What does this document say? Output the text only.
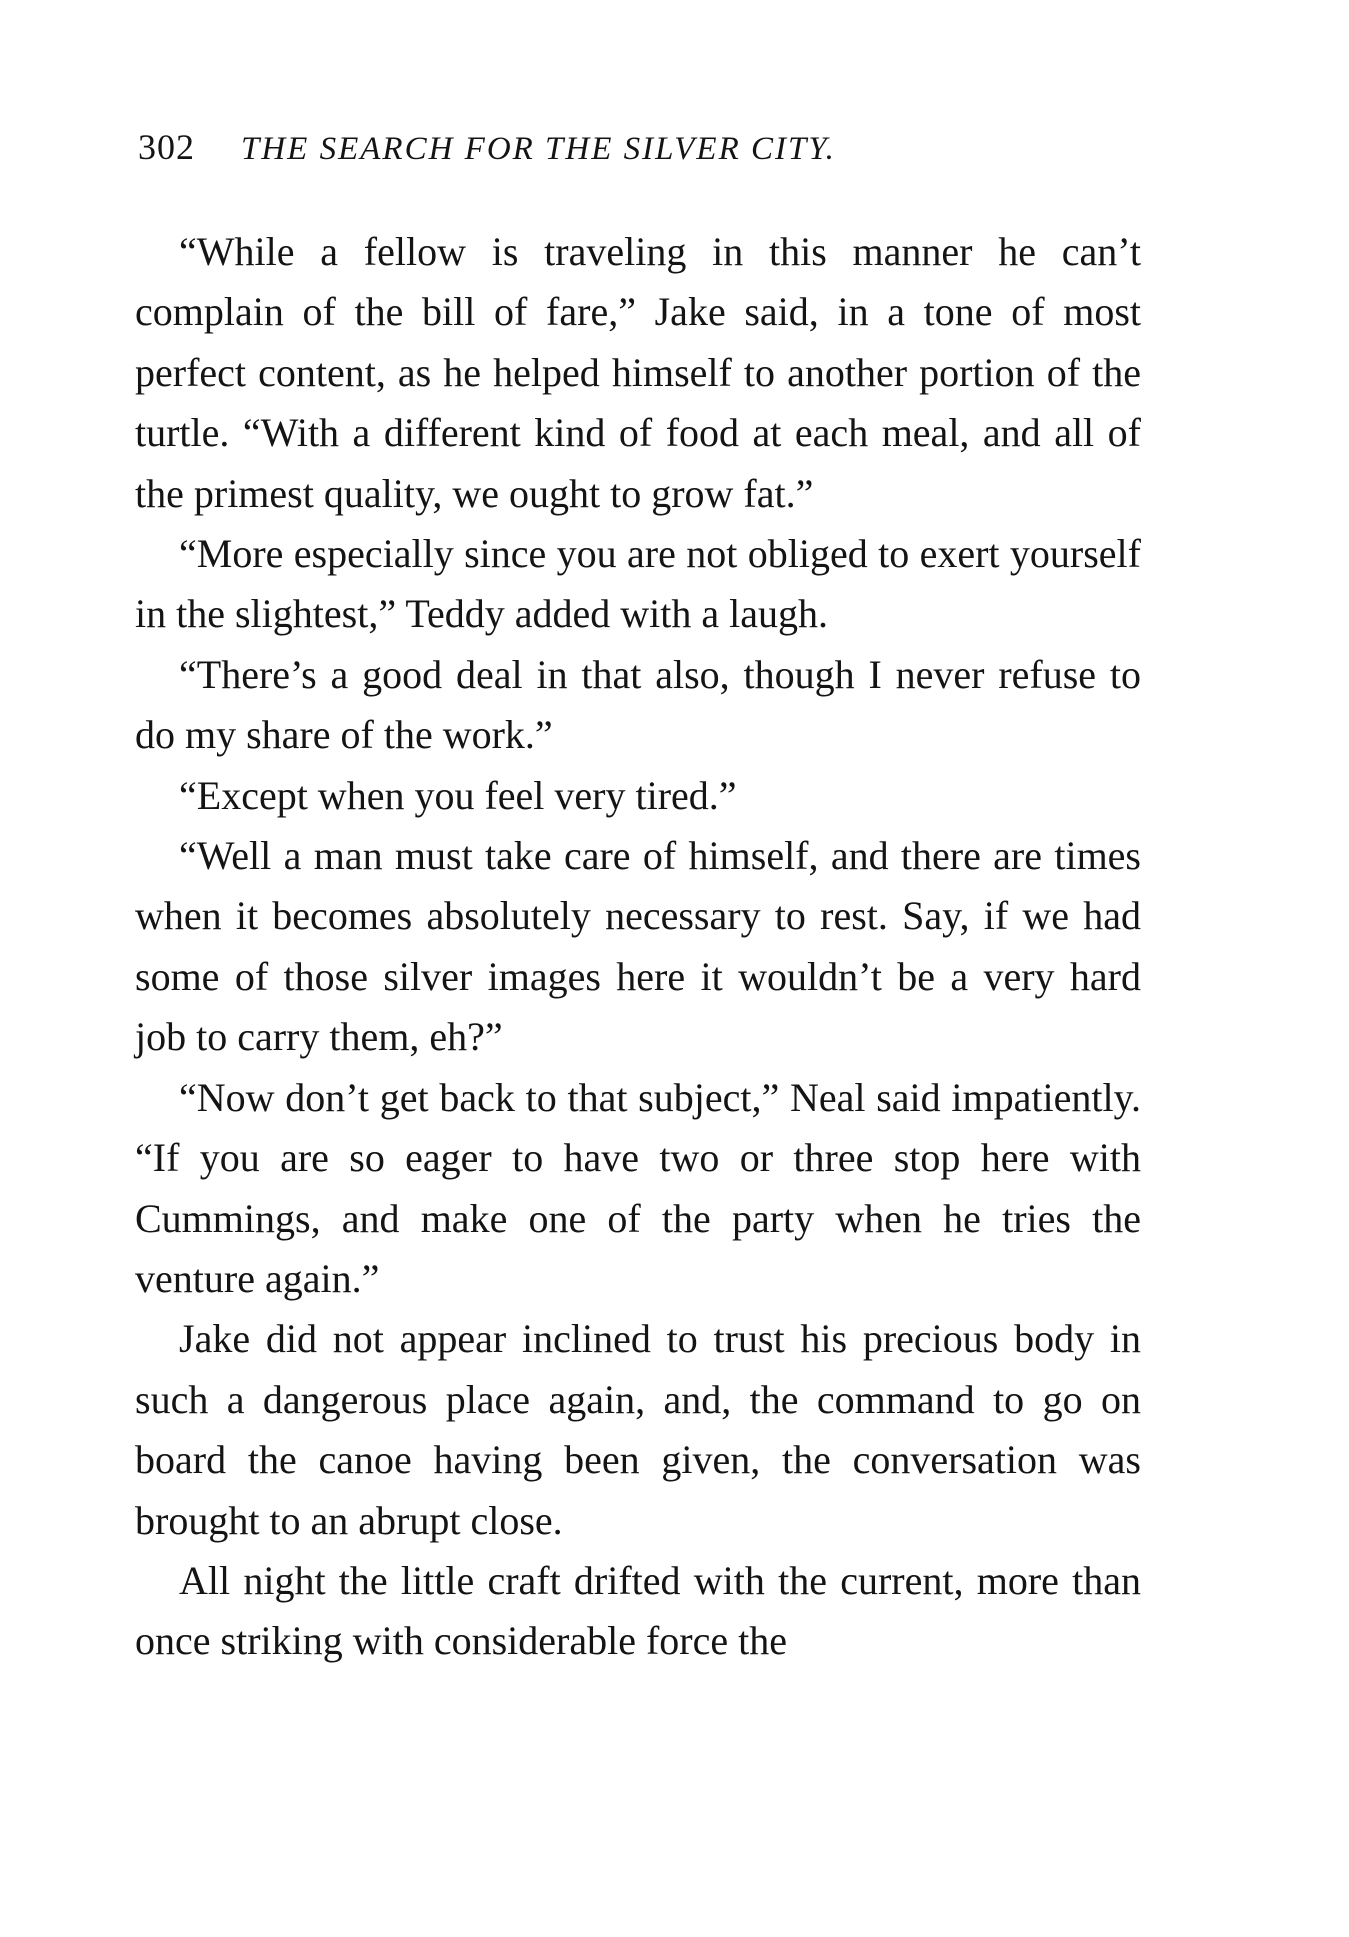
302 THE SEARCH FOR THE SILVER CITY.

“While a fellow is traveling in this manner he can’t complain of the bill of fare,” Jake said, in a tone of most perfect content, as he helped himself to another portion of the turtle. “With a different kind of food at each meal, and all of the primest quality, we ought to grow fat.”

“More especially since you are not obliged to exert yourself in the slightest,” Teddy added with a laugh.

“There’s a good deal in that also, though I never refuse to do my share of the work.”

“Except when you feel very tired.”

“Well a man must take care of himself, and there are times when it becomes absolutely necessary to rest. Say, if we had some of those silver images here it wouldn’t be a very hard job to carry them, eh?”

“Now don’t get back to that subject,” Neal said impatiently. “If you are so eager to have two or three stop here with Cummings, and make one of the party when he tries the venture again.”

Jake did not appear inclined to trust his precious body in such a dangerous place again, and, the command to go on board the canoe having been given, the conversation was brought to an abrupt close.

All night the little craft drifted with the current, more than once striking with considerable force the
